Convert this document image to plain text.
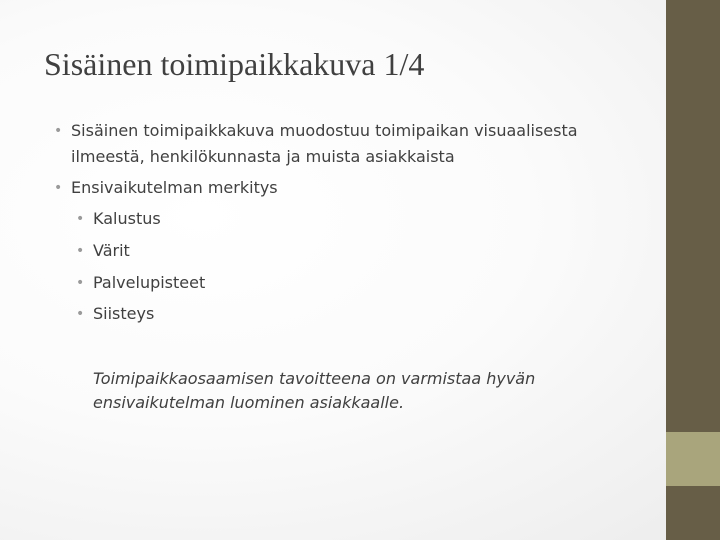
Sisäinen toimipaikkakuva 1/4
• Sisäinen toimipaikkakuva muodostuu toimipaikan visuaalisesta
ilmeestä, henkilökunnasta ja muista asiakkaista
• Ensivaikutelman merkitys
• Kalustus
• Värit
• Palvelupisteet
• Siisteys
Toimipaikkaosaamisen tavoitteena on varmistaa hyvän
ensivaikutelman luominen asiakkaalle.
